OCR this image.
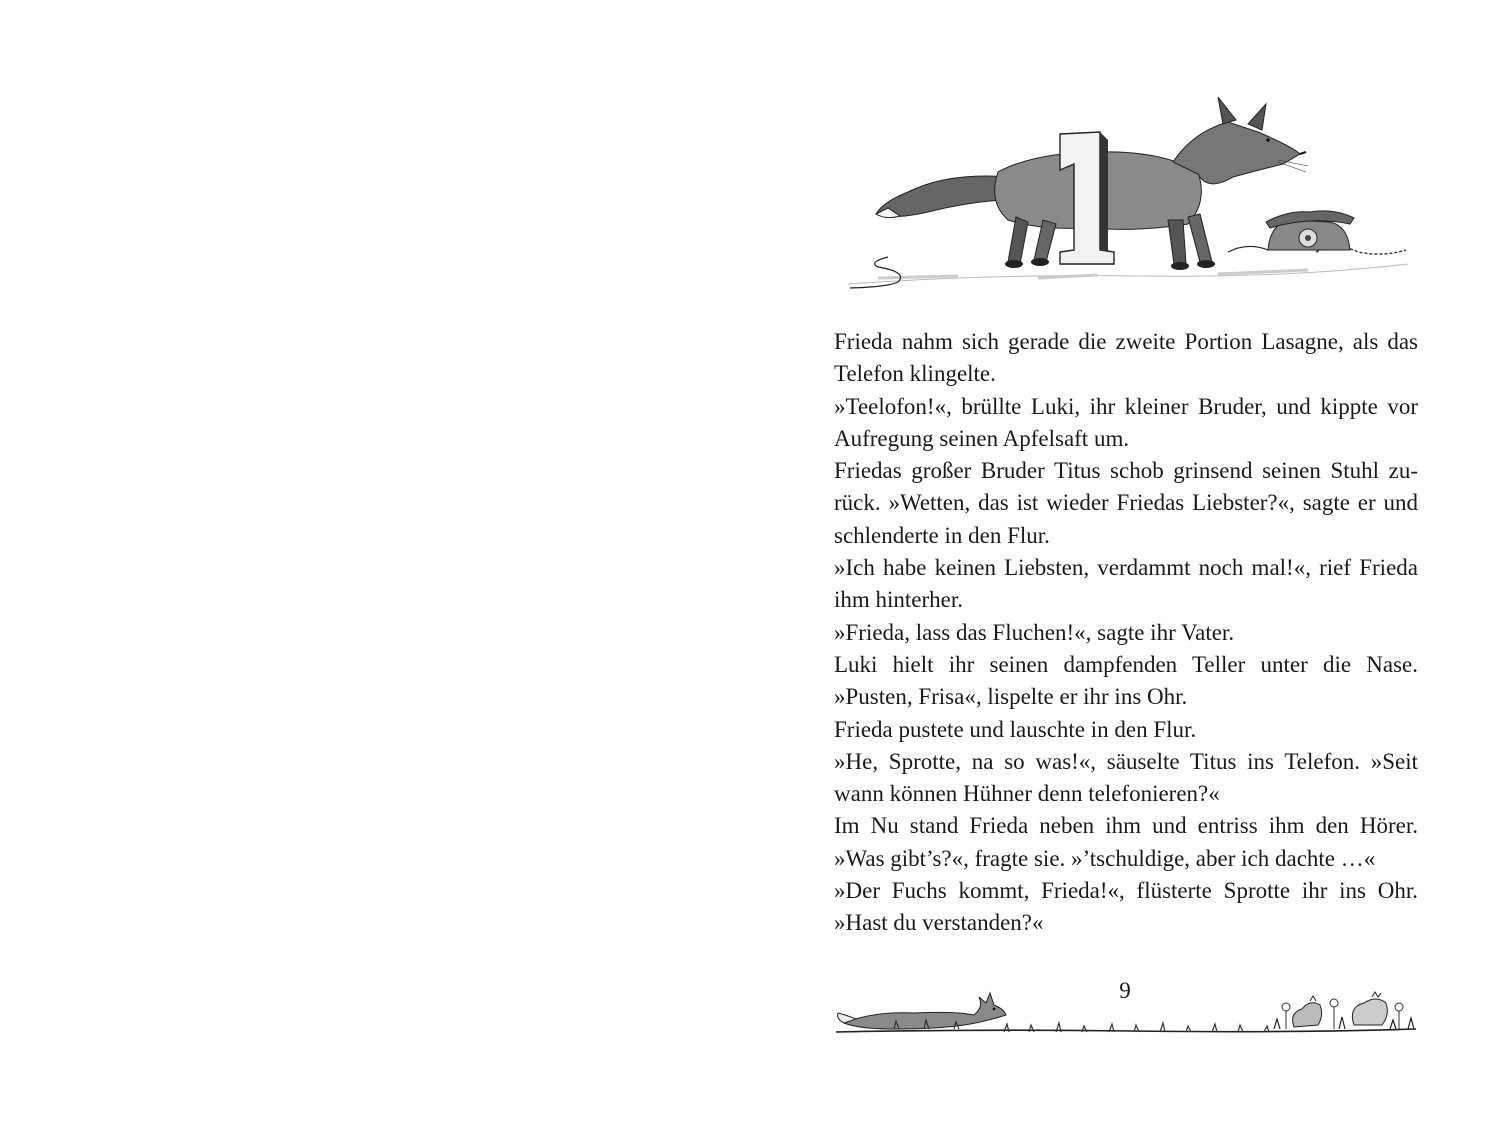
Frieda nahm sich gerade die zweite Portion Lasagne, als das
Telefon klingelte.
»Teelofon!«, brüllte Luki, ihr kleiner Bruder, und kippte vor
Aufregung seinen Apfelsaft um.
Friedas großer Bruder Titus schob grinsend seinen Stuhl zu-
rück. »Wetten, das ist wieder Friedas Liebster?«, sagte er und
schlenderte in den Flur.
»Ich habe keinen Liebsten, verdammt noch mal!«, rief Frieda
ihm hinterher.
»Frieda, lass das Fluchen!«, sagte ihr Vater.
Luki hielt ihr seinen dampfenden Teller unter die Nase.
»Pusten, Frisa«, lispelte er ihr ins Ohr.
Frieda pustete und lauschte in den Flur.
»He, Sprotte, na so was!«, säuselte Titus ins Telefon. »Seit
wann können Hühner denn telefonieren?«
Im Nu stand Frieda neben ihm und entriss ihm den Hörer.
»Was gibt’s?«, fragte sie. »’tschuldige, aber ich dachte …«
»Der Fuchs kommt, Frieda!«, flüsterte Sprotte ihr ins Ohr.
»Hast du verstanden?«
9
